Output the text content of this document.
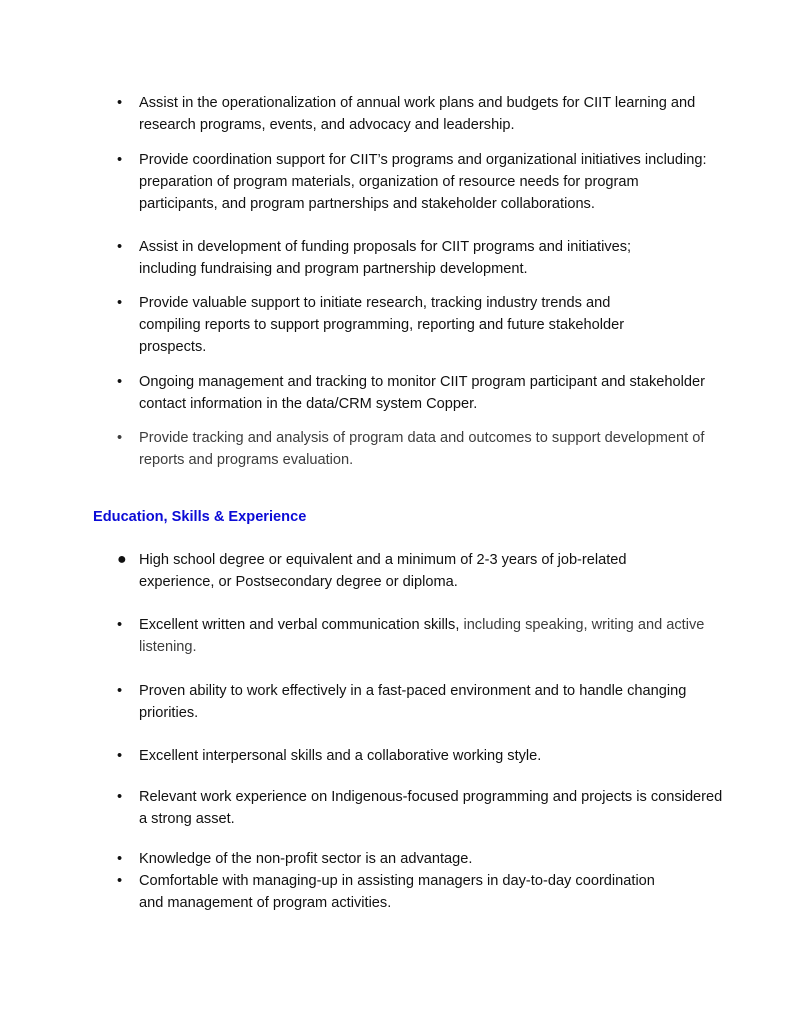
•	Assist in the operationalization of annual work plans and budgets for CIIT learning and research programs, events, and advocacy and leadership.
•	Provide coordination support for CIIT’s programs and organizational initiatives including: preparation of program materials, organization of resource needs for program participants, and program partnerships and stakeholder collaborations.
•	Assist in development of funding proposals for CIIT programs and initiatives; including fundraising and program partnership development.
•	Provide valuable support to initiate research, tracking industry trends and compiling reports to support programming, reporting and future stakeholder prospects.
•	Ongoing management and tracking to monitor CIIT program participant and stakeholder contact information in the data/CRM system Copper.
•	Provide tracking and analysis of program data and outcomes to support development of reports and programs evaluation.
Education, Skills & Experience
● High school degree or equivalent and a minimum of 2-3 years of job-related experience, or Postsecondary degree or diploma.
•	Excellent written and verbal communication skills, including speaking, writing and active listening.
•	Proven ability to work effectively in a fast-paced environment and to handle changing priorities.
•	Excellent interpersonal skills and a collaborative working style.
•	Relevant work experience on Indigenous-focused programming and projects is considered a strong asset.
•	Knowledge of the non-profit sector is an advantage.
•	Comfortable with managing-up in assisting managers in day-to-day coordination and management of program activities.
